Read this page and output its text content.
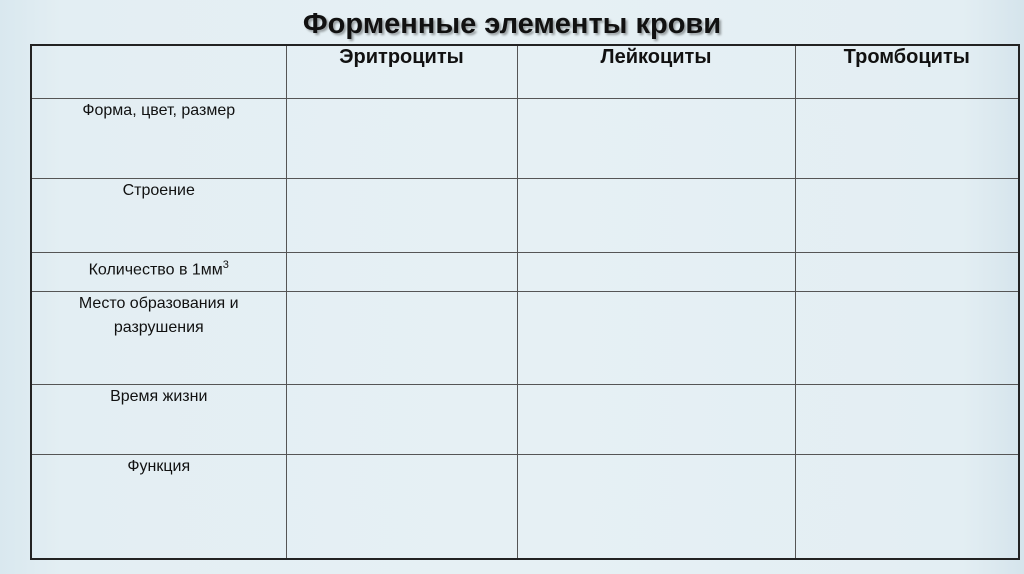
Форменные элементы крови
	Эритроциты	Лейкоциты	Тромбоциты
Форма, цвет, размер			
Строение			
Количество в $1мм^3$			
Место образования и разрушения			
Время жизни			
Функция			
